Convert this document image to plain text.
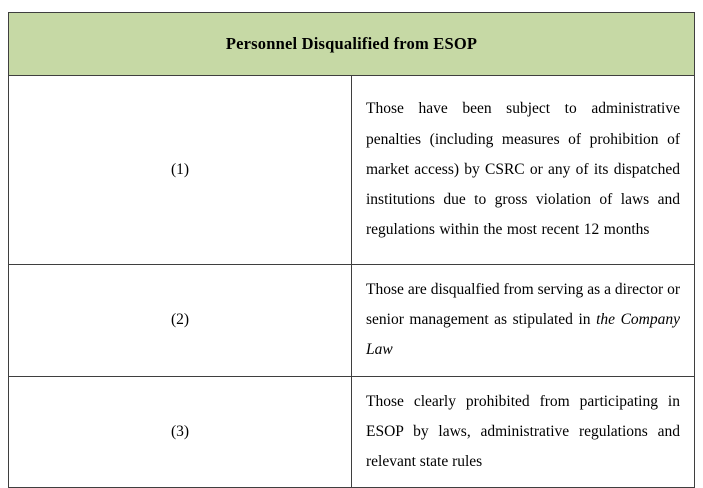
Personnel Disqualified from ESOP	
(1)	Those have been subject to administrative penalties (including measures of prohibition of market access) by CSRC or any of its dispatched institutions due to gross violation of laws and regulations within the most recent 12 months

(2)	Those are disqualfied from serving as a director or senior management as stipulated in the Company Law

(3)	Those clearly prohibited from participating in ESOP by laws, administrative regulations and relevant state rules
